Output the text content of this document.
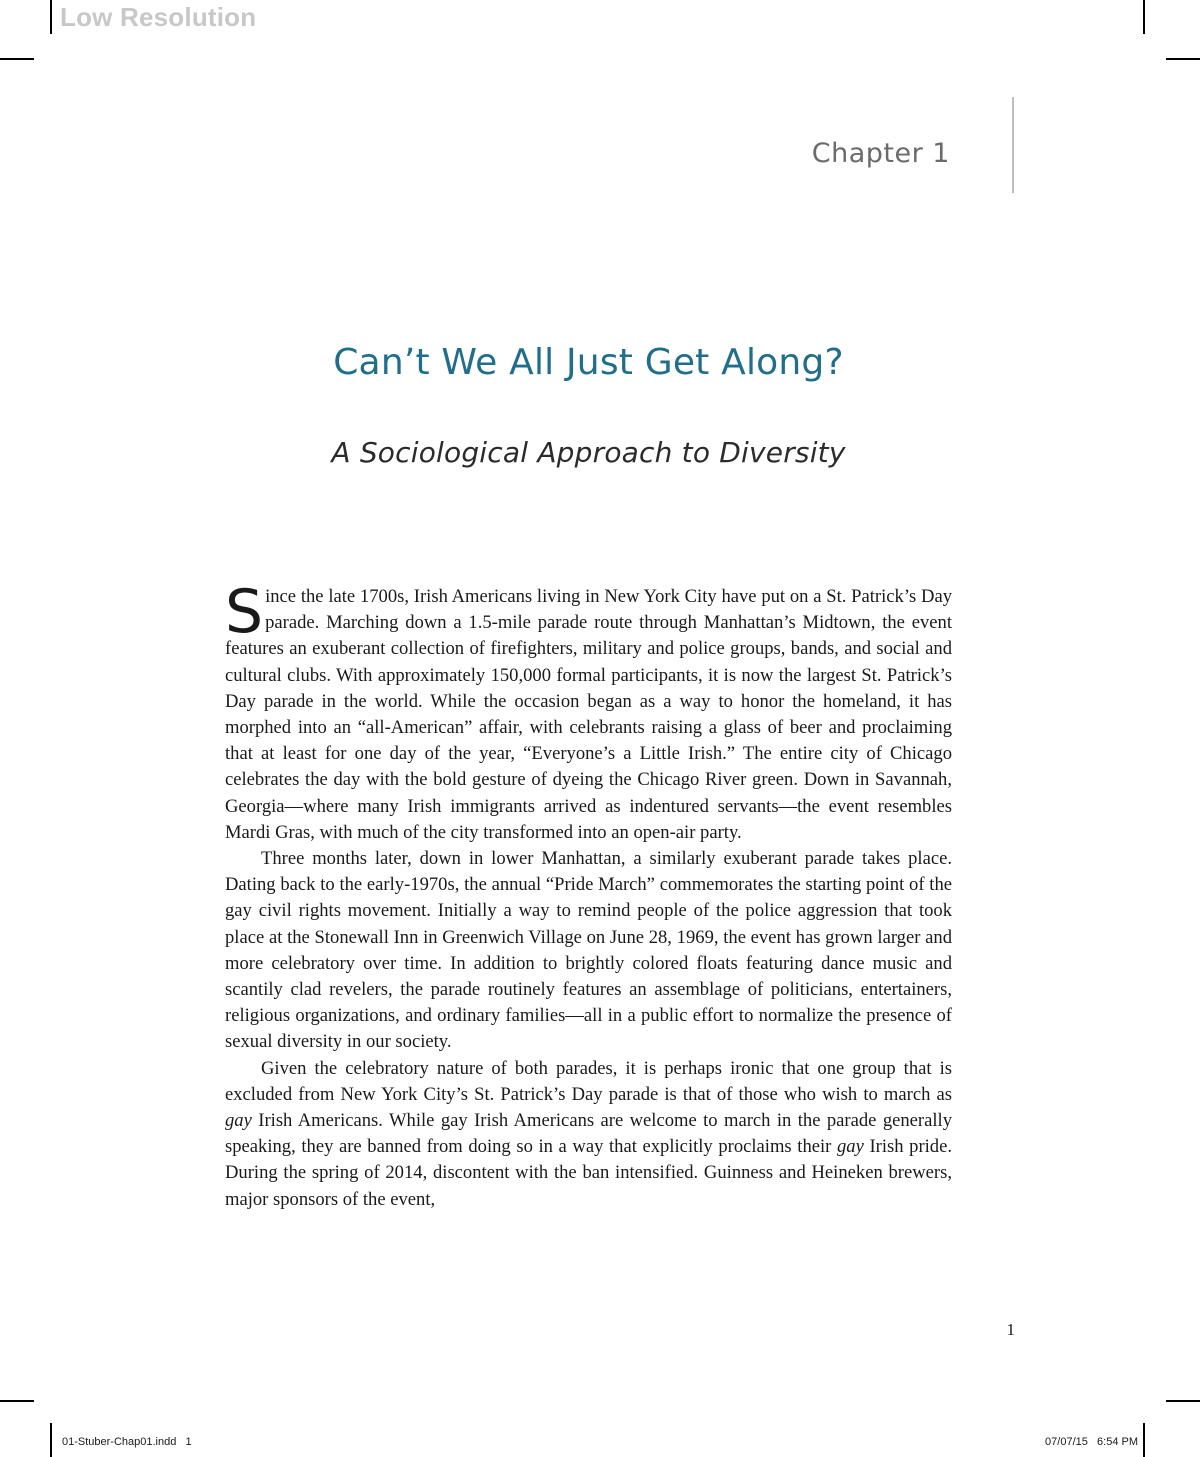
Low Resolution
Chapter 1
Can’t We All Just Get Along?
A Sociological Approach to Diversity

Since the late 1700s, Irish Americans living in New York City have put on a St. Patrick’s Day parade. Marching down a 1.5-mile parade route through Manhattan’s Midtown, the event features an exuberant collection of firefighters, military and police groups, bands, and social and cultural clubs. With approximately 150,000 formal participants, it is now the largest St. Patrick’s Day parade in the world. While the occasion began as a way to honor the homeland, it has morphed into an “all-American” affair, with celebrants raising a glass of beer and proclaiming that at least for one day of the year, “Everyone’s a Little Irish.” The entire city of Chicago celebrates the day with the bold gesture of dyeing the Chicago River green. Down in Savannah, Georgia—where many Irish immigrants arrived as indentured servants—the event resembles Mardi Gras, with much of the city transformed into an open-air party.

Three months later, down in lower Manhattan, a similarly exuberant parade takes place. Dating back to the early-1970s, the annual “Pride March” commemorates the starting point of the gay civil rights movement. Initially a way to remind people of the police aggression that took place at the Stonewall Inn in Greenwich Village on June 28, 1969, the event has grown larger and more celebratory over time. In addition to brightly colored floats featuring dance music and scantily clad revelers, the parade routinely features an assemblage of politicians, entertainers, religious organizations, and ordinary families—all in a public effort to normalize the presence of sexual diversity in our society.

Given the celebratory nature of both parades, it is perhaps ironic that one group that is excluded from New York City’s St. Patrick’s Day parade is that of those who wish to march as gay Irish Americans. While gay Irish Americans are welcome to march in the parade generally speaking, they are banned from doing so in a way that explicitly proclaims their gay Irish pride. During the spring of 2014, discontent with the ban intensified. Guinness and Heineken brewers, major sponsors of the event,

1
01-Stuber-Chap01.indd   1	07/07/15   6:54 PM
